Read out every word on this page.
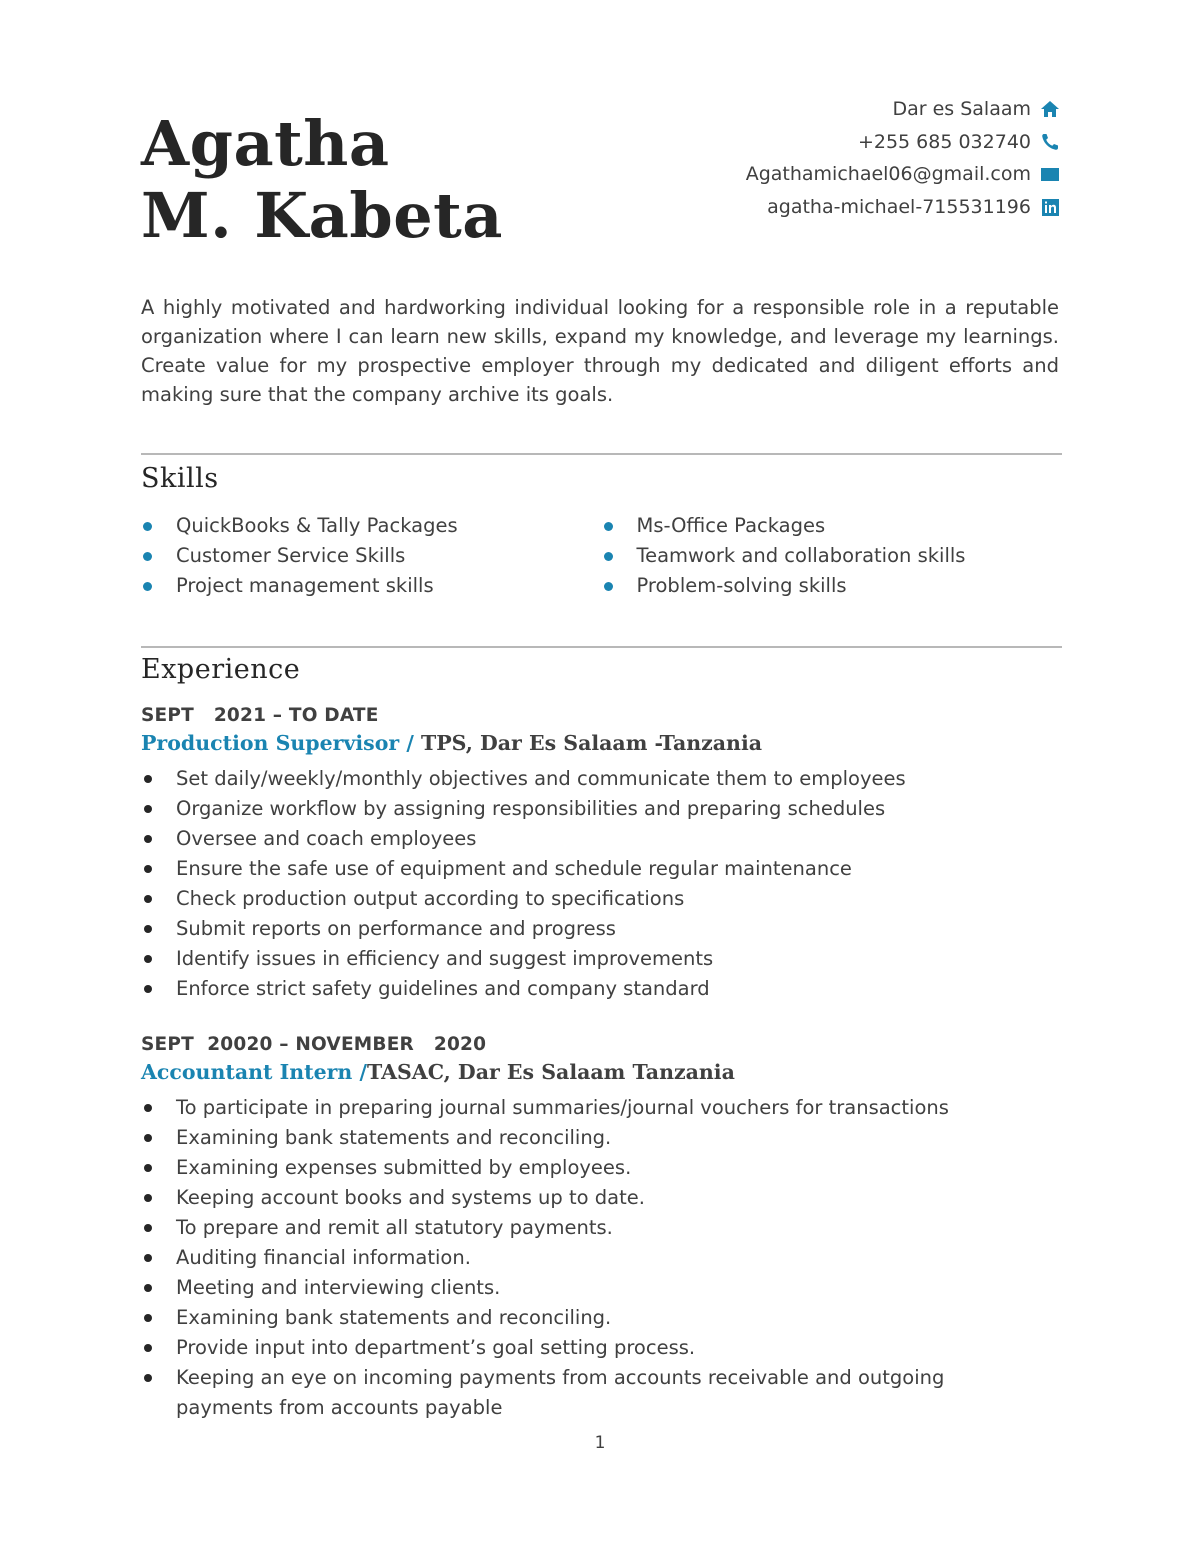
Agatha
M. Kabeta
Dar es Salaam
+255 685 032740
Agathamichael06@gmail.com
agatha-michael-715531196
A highly motivated and hardworking individual looking for a responsible role in a reputable organization where I can learn new skills, expand my knowledge, and leverage my learnings. Create value for my prospective employer through my dedicated and diligent efforts and making sure that the company archive its goals.
Skills
QuickBooks & Tally Packages
Customer Service Skills
Project management skills
Ms-Office Packages
Teamwork and collaboration skills
Problem-solving skills
Experience
SEPT   2021 – TO DATE
Production Supervisor / TPS, Dar Es Salaam -Tanzania
Set daily/weekly/monthly objectives and communicate them to employees
Organize workflow by assigning responsibilities and preparing schedules
Oversee and coach employees
Ensure the safe use of equipment and schedule regular maintenance
Check production output according to specifications
Submit reports on performance and progress
Identify issues in efficiency and suggest improvements
Enforce strict safety guidelines and company standard
SEPT  20020 – NOVEMBER   2020
Accountant Intern /TASAC, Dar Es Salaam Tanzania
To participate in preparing journal summaries/journal vouchers for transactions
Examining bank statements and reconciling.
Examining expenses submitted by employees.
Keeping account books and systems up to date.
To prepare and remit all statutory payments.
Auditing financial information.
Meeting and interviewing clients.
Examining bank statements and reconciling.
Provide input into department’s goal setting process.
Keeping an eye on incoming payments from accounts receivable and outgoing payments from accounts payable
1
